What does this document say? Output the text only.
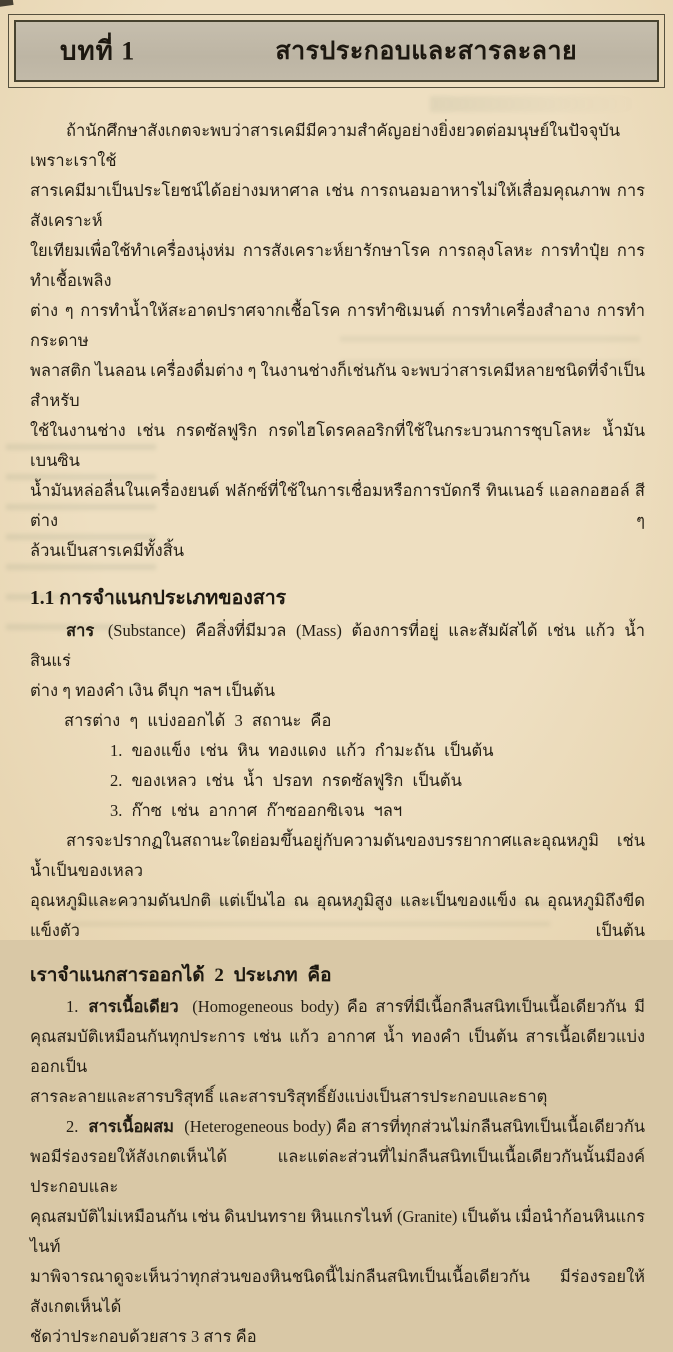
บทที่ 1	สารประกอบและสารละลาย
ถ้านักศึกษาสังเกตจะพบว่าสารเคมีมีความสำคัญอย่างยิ่งยวดต่อมนุษย์ในปัจจุบัน เพราะเราใช้
สารเคมีมาเป็นประโยชน์ได้อย่างมหาศาล เช่น การถนอมอาหารไม่ให้เสื่อมคุณภาพ การสังเคราะห์
ใยเทียมเพื่อใช้ทำเครื่องนุ่งห่ม การสังเคราะห์ยารักษาโรค การถลุงโลหะ การทำปุ๋ย การทำเชื้อเพลิง
ต่าง ๆ การทำน้ำให้สะอาดปราศจากเชื้อโรค การทำซิเมนต์ การทำเครื่องสำอาง การทำกระดาษ
พลาสติก ไนลอน เครื่องดื่มต่าง ๆ ในงานช่างก็เช่นกัน จะพบว่าสารเคมีหลายชนิดที่จำเป็นสำหรับ
ใช้ในงานช่าง เช่น กรดซัลฟูริก กรดไฮโดรคลอริกที่ใช้ในกระบวนการชุบโลหะ น้ำมันเบนซิน
น้ำมันหล่อลื่นในเครื่องยนต์ ฟลักซ์ที่ใช้ในการเชื่อมหรือการบัดกรี ทินเนอร์ แอลกอฮอล์ สีต่าง ๆ
ล้วนเป็นสารเคมีทั้งสิ้น
1.1 การจำแนกประเภทของสาร
สาร (Substance) คือสิ่งที่มีมวล (Mass) ต้องการที่อยู่ และสัมผัสได้ เช่น แก้ว น้ำ สินแร่
ต่าง ๆ ทองคำ เงิน ดีบุก ฯลฯ เป็นต้น
สารต่าง ๆ แบ่งออกได้ 3 สถานะ คือ
1. ของแข็ง เช่น หิน ทองแดง แก้ว กำมะถัน เป็นต้น
2. ของเหลว เช่น น้ำ ปรอท กรดซัลฟูริก เป็นต้น
3. ก๊าซ เช่น อากาศ ก๊าซออกซิเจน ฯลฯ
สารจะปรากฏในสถานะใดย่อมขึ้นอยู่กับความดันของบรรยากาศและอุณหภูมิ เช่น น้ำเป็นของเหลว
อุณหภูมิและความดันปกติ แต่เป็นไอ ณ อุณหภูมิสูง และเป็นของแข็ง ณ อุณหภูมิถึงขีดแข็งตัว เป็นต้น
เราจำแนกสารออกได้ 2 ประเภท คือ
1. สารเนื้อเดียว (Homogeneous body) คือ สารที่มีเนื้อกลืนสนิทเป็นเนื้อเดียวกัน มี
คุณสมบัติเหมือนกันทุกประการ เช่น แก้ว อากาศ น้ำ ทองคำ เป็นต้น สารเนื้อเดียวแบ่งออกเป็น
สารละลายและสารบริสุทธิ์ และสารบริสุทธิ์ยังแบ่งเป็นสารประกอบและธาตุ
2. สารเนื้อผสม (Heterogeneous body) คือ สารที่ทุกส่วนไม่กลืนสนิทเป็นเนื้อเดียวกัน
พอมีร่องรอยให้สังเกตเห็นได้ และแต่ละส่วนที่ไม่กลืนสนิทเป็นเนื้อเดียวกันนั้นมีองค์ประกอบและ
คุณสมบัติไม่เหมือนกัน เช่น ดินปนทราย หินแกรไนท์ (Granite) เป็นต้น เมื่อนำก้อนหินแกรไนท์
มาพิจารณาดูจะเห็นว่าทุกส่วนของหินชนิดนี้ไม่กลืนสนิทเป็นเนื้อเดียวกัน มีร่องรอยให้สังเกตเห็นได้
ชัดว่าประกอบด้วยสาร 3 สาร คือ
